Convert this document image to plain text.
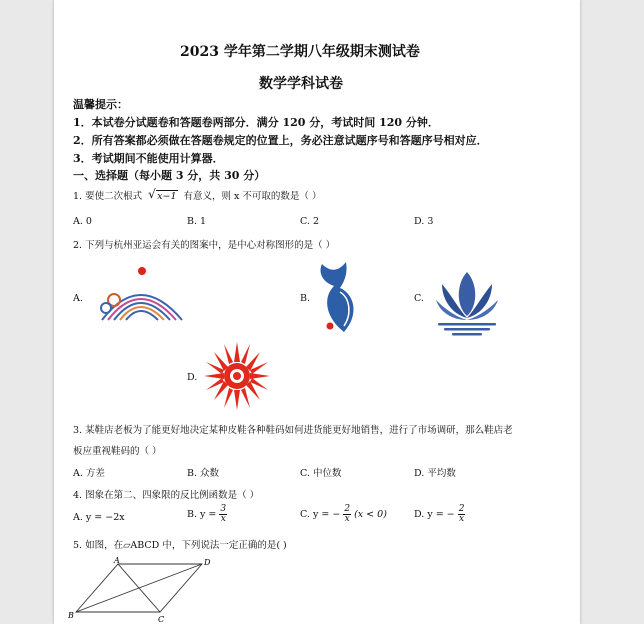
2023 学年第二学期八年级期末测试卷
数学学科试卷
温馨提示：
1．本试卷分试题卷和答题卷两部分．满分 120 分，考试时间 120 分钟．
2．所有答案都必须做在答题卷规定的位置上，务必注意试题序号和答题序号相对应．
3．考试期间不能使用计算器．
一、选择题（每小题 3 分，共 30 分）
1. 要使二次根式 √ x−1 有意义，则 x 不可取的数是（ ）
A. 0	B. 1	C. 2	D. 3
2. 下列与杭州亚运会有关的图案中，是中心对称图形的是（ ）
A.	B.	C.
D.
3. 某鞋店老板为了能更好地决定某种皮鞋各种鞋码如何进货能更好地销售，进行了市场调研，那么鞋店老
板应重视鞋码的（ ）
A. 方差	B. 众数	C. 中位数	D. 平均数
4. 图象在第二、四象限的反比例函数是（ ）
A. y = −2x	B. $y = \frac{3}{x}$	C. y = − $\frac{2}{x} (x < 0)$	D. y = − $\frac{2}{x}$
5. 如图，在▱ABCD 中，下列说法一定正确的是( )
A	D
B	C
